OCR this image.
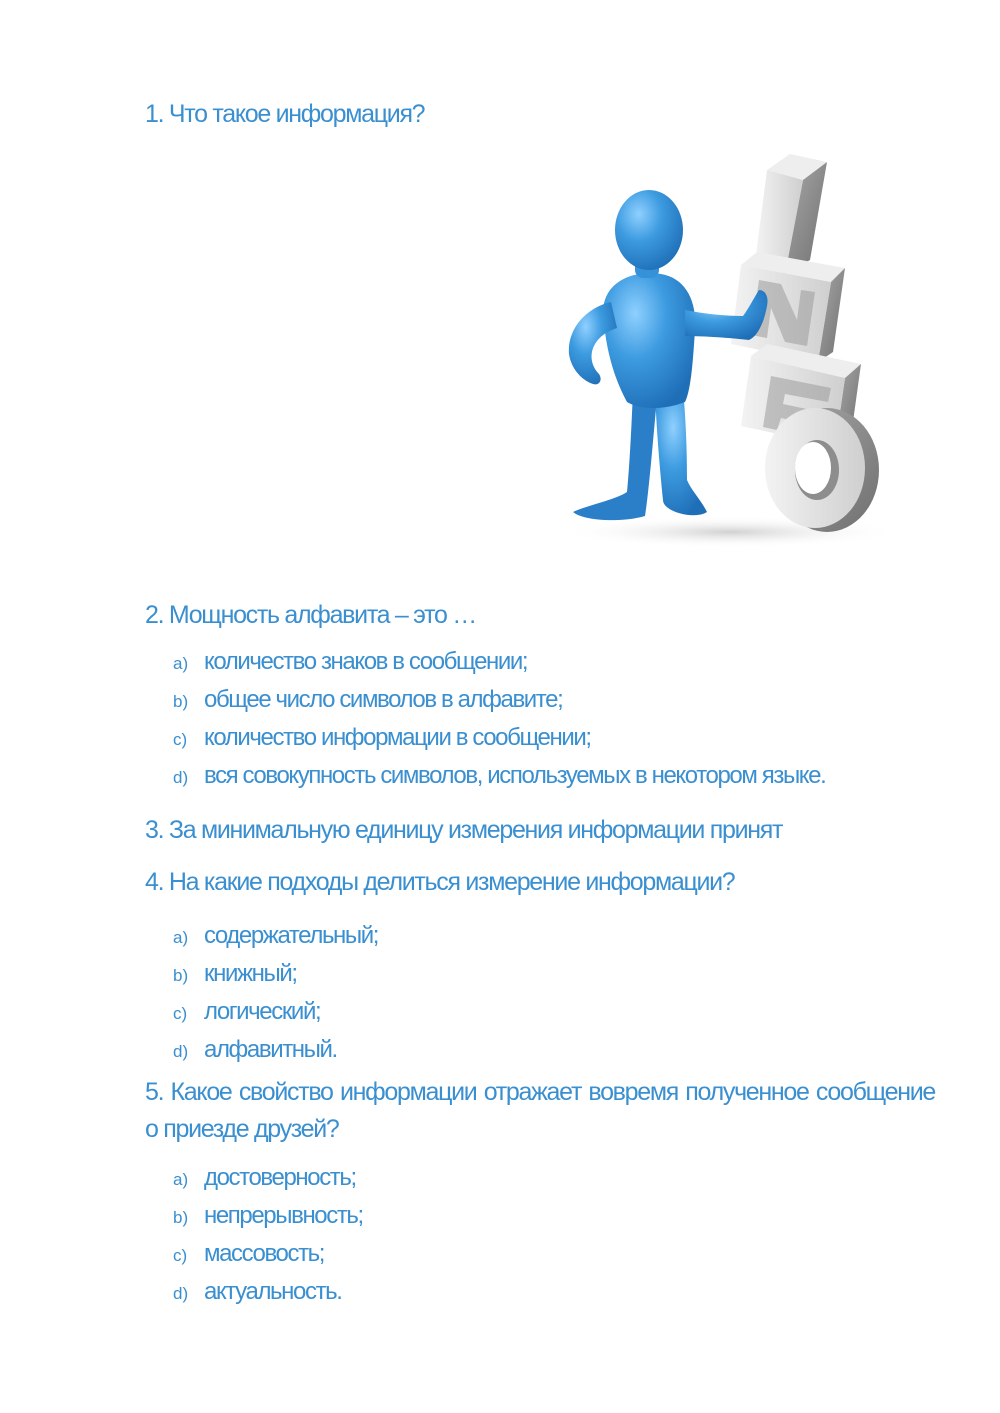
1. Что такое информация?
2. Мощность алфавита – это …
a) количество знаков в сообщении;
b) общее число символов в алфавите;
c) количество информации в сообщении;
d) вся совокупность символов, используемых в некотором языке.
3. За минимальную единицу измерения информации принят
4. На какие подходы делиться измерение информации?
a) содержательный;
b) книжный;
c) логический;
d) алфавитный.
5. Какое свойство информации отражает вовремя полученное сообщение о приезде друзей?
a) достоверность;
b) непрерывность;
c) массовость;
d) актуальность.
